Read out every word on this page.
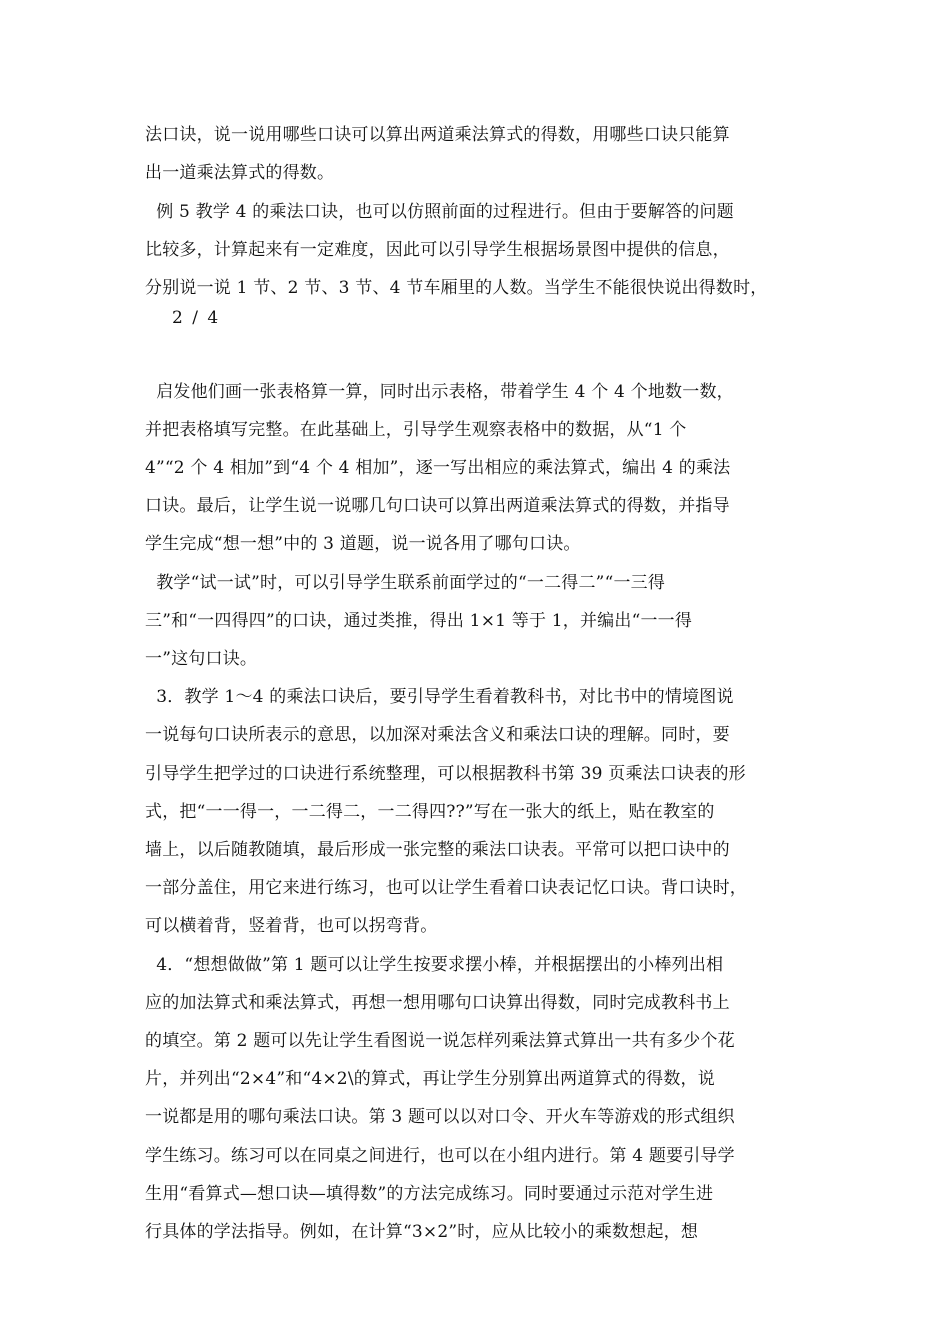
法口诀，说一说用哪些口诀可以算出两道乘法算式的得数，用哪些口诀只能算
出一道乘法算式的得数。
例 5 教学 4 的乘法口诀，也可以仿照前面的过程进行。但由于要解答的问题
比较多，计算起来有一定难度，因此可以引导学生根据场景图中提供的信息，
分别说一说 1 节、2 节、3 节、4 节车厢里的人数。当学生不能很快说出得数时，
2 / 4
启发他们画一张表格算一算，同时出示表格，带着学生 4 个 4 个地数一数，
并把表格填写完整。在此基础上，引导学生观察表格中的数据，从“1 个
4”“2 个 4 相加”到“4 个 4 相加”，逐一写出相应的乘法算式，编出 4 的乘法
口诀。最后，让学生说一说哪几句口诀可以算出两道乘法算式的得数，并指导
学生完成“想一想”中的 3 道题，说一说各用了哪句口诀。
教学“试一试”时，可以引导学生联系前面学过的“一二得二”“一三得
三”和“一四得四”的口诀，通过类推，得出 1×1 等于 1，并编出“一一得
一”这句口诀。
3．教学 1～4 的乘法口诀后，要引导学生看着教科书，对比书中的情境图说
一说每句口诀所表示的意思，以加深对乘法含义和乘法口诀的理解。同时，要
引导学生把学过的口诀进行系统整理，可以根据教科书第 39 页乘法口诀表的形
式，把“一一得一，一二得二，一二得四??”写在一张大的纸上，贴在教室的
墙上，以后随教随填，最后形成一张完整的乘法口诀表。平常可以把口诀中的
一部分盖住，用它来进行练习，也可以让学生看着口诀表记忆口诀。背口诀时，
可以横着背，竖着背，也可以拐弯背。
4．“想想做做”第 1 题可以让学生按要求摆小棒，并根据摆出的小棒列出相
应的加法算式和乘法算式，再想一想用哪句口诀算出得数，同时完成教科书上
的填空。第 2 题可以先让学生看图说一说怎样列乘法算式算出一共有多少个花
片，并列出“2×4”和“4×2\的算式，再让学生分别算出两道算式的得数，说
一说都是用的哪句乘法口诀。第 3 题可以以对口令、开火车等游戏的形式组织
学生练习。练习可以在同桌之间进行，也可以在小组内进行。第 4 题要引导学
生用“看算式—想口诀—填得数”的方法完成练习。同时要通过示范对学生进
行具体的学法指导。例如，在计算“3×2”时，应从比较小的乘数想起，想
